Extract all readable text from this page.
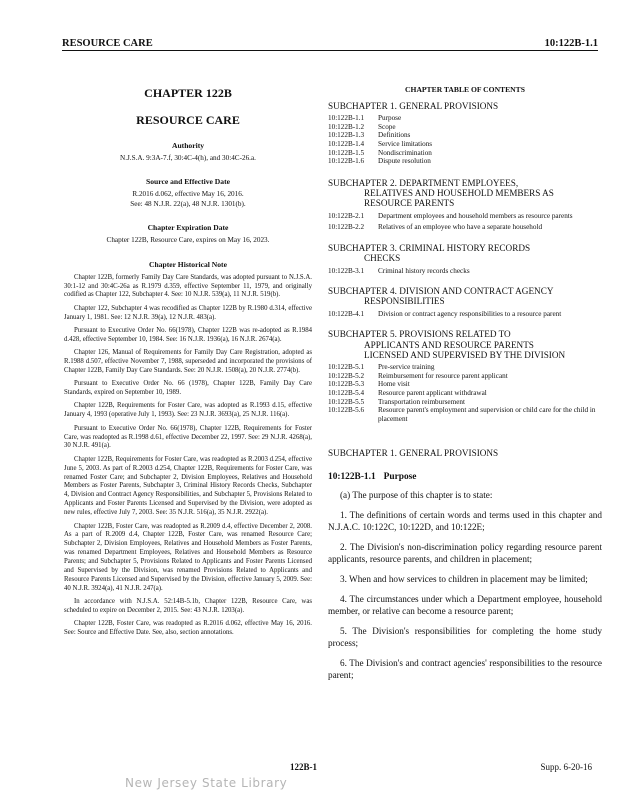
RESOURCE CARE	10:122B-1.1
CHAPTER 122B
RESOURCE CARE
Authority
N.J.S.A. 9:3A-7.f, 30:4C-4(h), and 30:4C-26.a.
Source and Effective Date
R.2016 d.062, effective May 16, 2016.
See: 48 N.J.R. 22(a), 48 N.J.R. 1301(b).
Chapter Expiration Date
Chapter 122B, Resource Care, expires on May 16, 2023.
Chapter Historical Note

Chapter 122B, formerly Family Day Care Standards, was adopted pursuant to N.J.S.A. 30:1-12 and 30:4C-26a as R.1979 d.359, effective September 11, 1979, and originally codified as Chapter 122, Subchapter 4. See: 10 N.J.R. 539(a), 11 N.J.R. 519(b).

Chapter 122, Subchapter 4 was recodified as Chapter 122B by R.1980 d.314, effective January 1, 1981. See: 12 N.J.R. 39(a), 12 N.J.R. 483(a).

Pursuant to Executive Order No. 66(1978), Chapter 122B was re-adopted as R.1984 d.428, effective September 10, 1984. See: 16 N.J.R. 1936(a), 16 N.J.R. 2674(a).

Chapter 126, Manual of Requirements for Family Day Care Registration, adopted as R.1988 d.507, effective November 7, 1988, superseded and incorporated the provisions of Chapter 122B, Family Day Care Standards. See: 20 N.J.R. 1508(a), 20 N.J.R. 2774(b).

Pursuant to Executive Order No. 66 (1978), Chapter 122B, Family Day Care Standards, expired on September 10, 1989.

Chapter 122B, Requirements for Foster Care, was adopted as R.1993 d.15, effective January 4, 1993 (operative July 1, 1993). See: 23 N.J.R. 3693(a), 25 N.J.R. 116(a).

Pursuant to Executive Order No. 66(1978), Chapter 122B, Requirements for Foster Care, was readopted as R.1998 d.61, effective December 22, 1997. See: 29 N.J.R. 4268(a), 30 N.J.R. 491(a).

Chapter 122B, Requirements for Foster Care, was readopted as R.2003 d.254, effective June 5, 2003. As part of R.2003 d.254, Chapter 122B, Requirements for Foster Care, was renamed Foster Care; and Subchapter 2, Division Employees, Relatives and Household Members as Foster Parents, Subchapter 3, Criminal History Records Checks, Subchapter 4, Division and Contract Agency Responsibilities, and Subchapter 5, Provisions Related to Applicants and Foster Parents Licensed and Supervised by the Division, were adopted as new rules, effective July 7, 2003. See: 35 N.J.R. 516(a), 35 N.J.R. 2922(a).

Chapter 122B, Foster Care, was readopted as R.2009 d.4, effective December 2, 2008. As a part of R.2009 d.4, Chapter 122B, Foster Care, was renamed Resource Care; Subchapter 2, Division Employees, Relatives and Household Members as Foster Parents, was renamed Department Employees, Relatives and Household Members as Resource Parents; and Subchapter 5, Provisions Related to Applicants and Foster Parents Licensed and Supervised by the Division, was renamed Provisions Related to Applicants and Resource Parents Licensed and Supervised by the Division, effective January 5, 2009. See: 40 N.J.R. 3924(a), 41 N.J.R. 247(a).

In accordance with N.J.S.A. 52:14B-5.1b, Chapter 122B, Resource Care, was scheduled to expire on December 2, 2015. See: 43 N.J.R. 1203(a).

Chapter 122B, Foster Care, was readopted as R.2016 d.062, effective May 16, 2016. See: Source and Effective Date. See, also, section annotations.

CHAPTER TABLE OF CONTENTS
SUBCHAPTER 1. GENERAL PROVISIONS
10:122B-1.1	Purpose
10:122B-1.2	Scope
10:122B-1.3	Definitions
10:122B-1.4	Service limitations
10:122B-1.5	Nondiscrimination
10:122B-1.6	Dispute resolution
SUBCHAPTER 2. DEPARTMENT EMPLOYEES,
RELATIVES AND HOUSEHOLD MEMBERS AS
RESOURCE PARENTS
10:122B-2.1	Department employees and household members as resource parents
10:122B-2.2	Relatives of an employee who have a separate household
SUBCHAPTER 3. CRIMINAL HISTORY RECORDS
CHECKS
10:122B-3.1	Criminal history records checks
SUBCHAPTER 4. DIVISION AND CONTRACT AGENCY
RESPONSIBILITIES
10:122B-4.1	Division or contract agency responsibilities to a resource parent
SUBCHAPTER 5. PROVISIONS RELATED TO
APPLICANTS AND RESOURCE PARENTS
LICENSED AND SUPERVISED BY THE DIVISION
10:122B-5.1	Pre-service training
10:122B-5.2	Reimbursement for resource parent applicant
10:122B-5.3	Home visit
10:122B-5.4	Resource parent applicant withdrawal
10:122B-5.5	Transportation reimbursement
10:122B-5.6	Resource parent's employment and supervision or child care for the child in placement
SUBCHAPTER 1. GENERAL PROVISIONS
10:122B-1.1 Purpose

(a) The purpose of this chapter is to state:

1. The definitions of certain words and terms used in this chapter and N.J.A.C. 10:122C, 10:122D, and 10:122E;

2. The Division's non-discrimination policy regarding resource parent applicants, resource parents, and children in placement;

3. When and how services to children in placement may be limited;

4. The circumstances under which a Department employee, household member, or relative can become a resource parent;

5. The Division's responsibilities for completing the home study process;

6. The Division's and contract agencies' responsibilities to the resource parent;

122B-1	Supp. 6-20-16
New Jersey State Library
